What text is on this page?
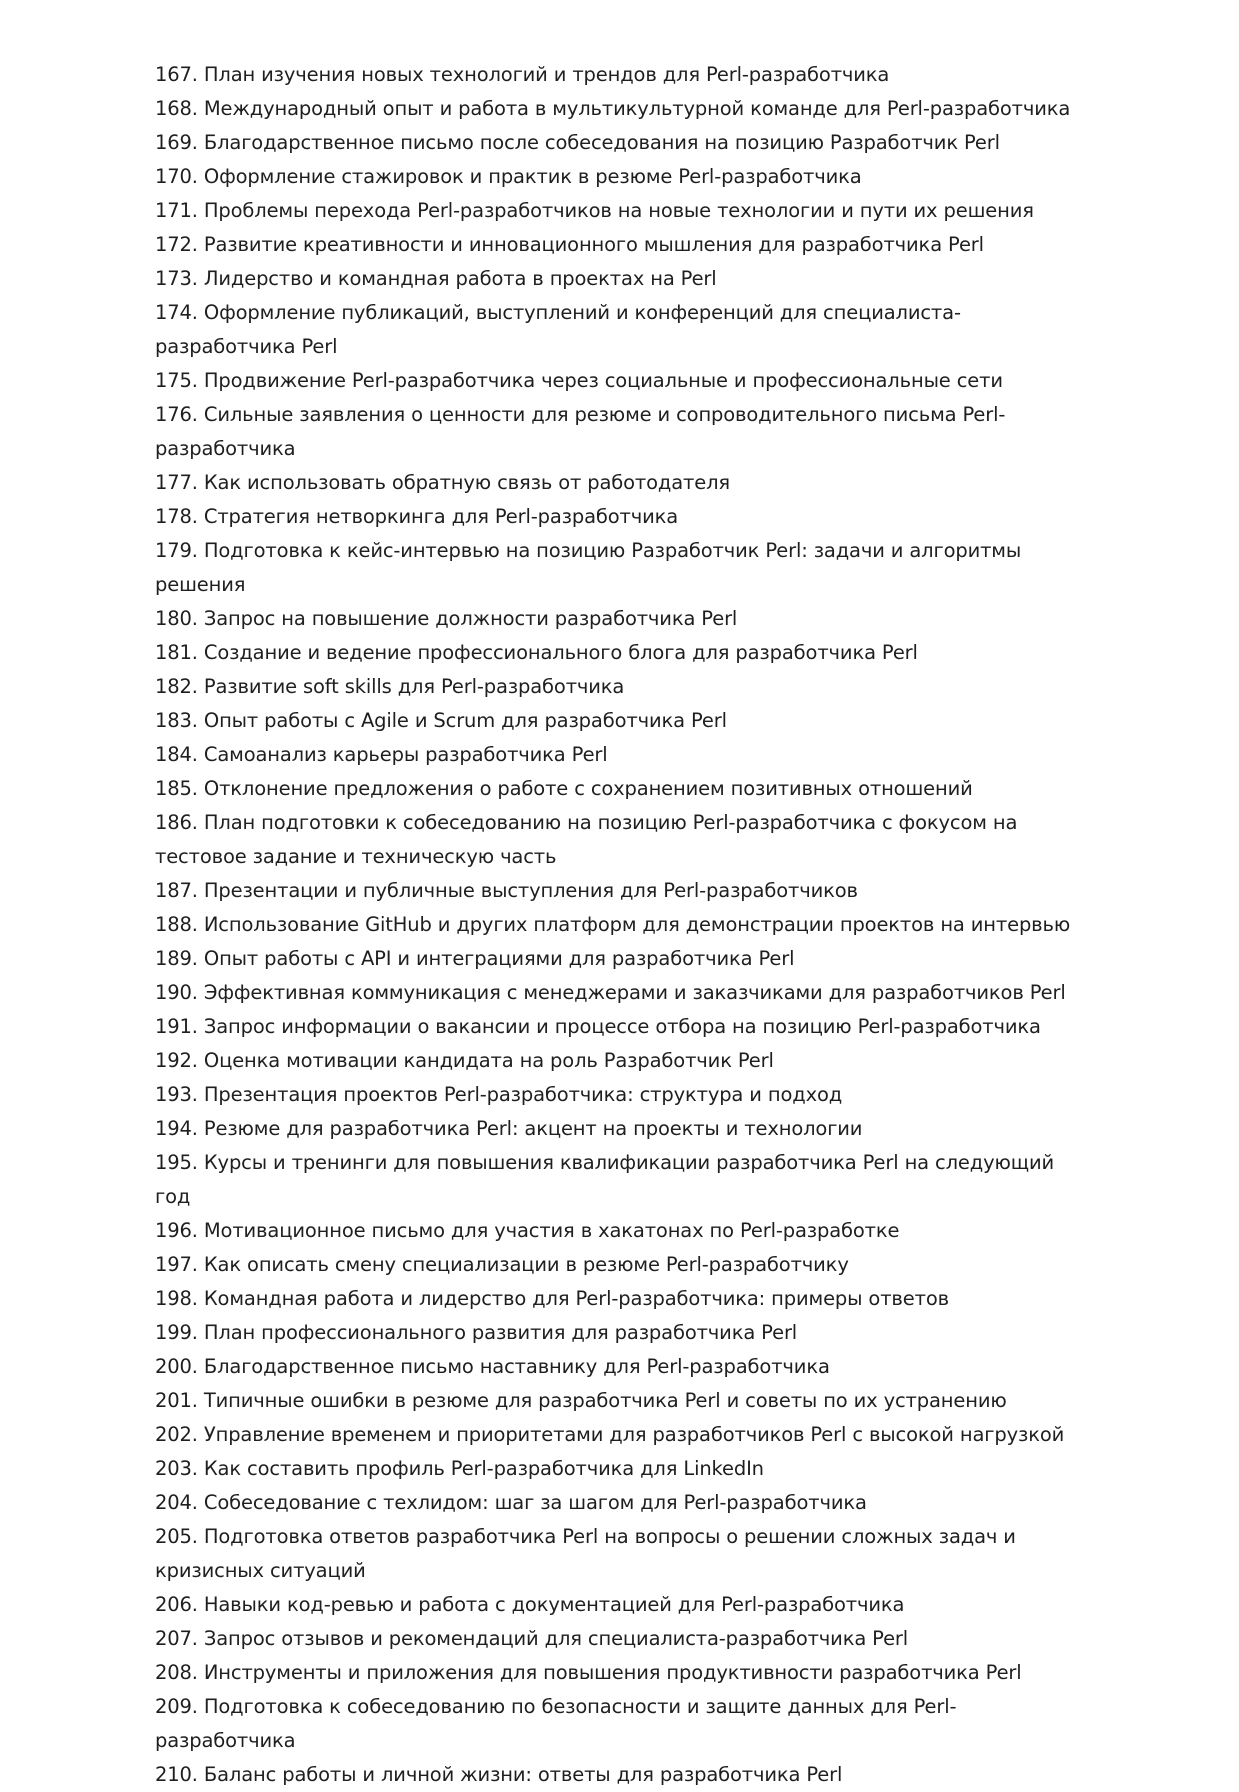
167. План изучения новых технологий и трендов для Perl-разработчика

168. Международный опыт и работа в мультикультурной команде для Perl-разработчика

169. Благодарственное письмо после собеседования на позицию Разработчик Perl

170. Оформление стажировок и практик в резюме Perl-разработчика

171. Проблемы перехода Perl-разработчиков на новые технологии и пути их решения

172. Развитие креативности и инновационного мышления для разработчика Perl

173. Лидерство и командная работа в проектах на Perl

174. Оформление публикаций, выступлений и конференций для специалиста-разработчика Perl

175. Продвижение Perl-разработчика через социальные и профессиональные сети

176. Сильные заявления о ценности для резюме и сопроводительного письма Perl-разработчика

177. Как использовать обратную связь от работодателя

178. Стратегия нетворкинга для Perl-разработчика

179. Подготовка к кейс-интервью на позицию Разработчик Perl: задачи и алгоритмы решения

180. Запрос на повышение должности разработчика Perl

181. Создание и ведение профессионального блога для разработчика Perl

182. Развитие soft skills для Perl-разработчика

183. Опыт работы с Agile и Scrum для разработчика Perl

184. Самоанализ карьеры разработчика Perl

185. Отклонение предложения о работе с сохранением позитивных отношений

186. План подготовки к собеседованию на позицию Perl-разработчика с фокусом на тестовое задание и техническую часть

187. Презентации и публичные выступления для Perl-разработчиков

188. Использование GitHub и других платформ для демонстрации проектов на интервью

189. Опыт работы с API и интеграциями для разработчика Perl

190. Эффективная коммуникация с менеджерами и заказчиками для разработчиков Perl

191. Запрос информации о вакансии и процессе отбора на позицию Perl-разработчика

192. Оценка мотивации кандидата на роль Разработчик Perl

193. Презентация проектов Perl-разработчика: структура и подход

194. Резюме для разработчика Perl: акцент на проекты и технологии

195. Курсы и тренинги для повышения квалификации разработчика Perl на следующий год

196. Мотивационное письмо для участия в хакатонах по Perl-разработке

197. Как описать смену специализации в резюме Perl-разработчику

198. Командная работа и лидерство для Perl-разработчика: примеры ответов

199. План профессионального развития для разработчика Perl

200. Благодарственное письмо наставнику для Perl-разработчика

201. Типичные ошибки в резюме для разработчика Perl и советы по их устранению

202. Управление временем и приоритетами для разработчиков Perl с высокой нагрузкой

203. Как составить профиль Perl-разработчика для LinkedIn

204. Собеседование с техлидом: шаг за шагом для Perl-разработчика

205. Подготовка ответов разработчика Perl на вопросы о решении сложных задач и кризисных ситуаций

206. Навыки код-ревью и работа с документацией для Perl-разработчика

207. Запрос отзывов и рекомендаций для специалиста-разработчика Perl

208. Инструменты и приложения для повышения продуктивности разработчика Perl

209. Подготовка к собеседованию по безопасности и защите данных для Perl-разработчика

210. Баланс работы и личной жизни: ответы для разработчика Perl
